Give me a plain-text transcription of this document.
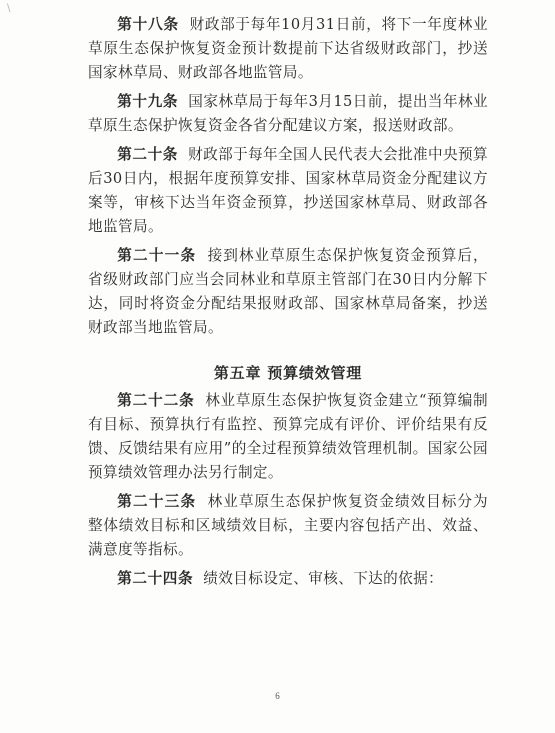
\

第十八条 财政部于每年10月31日前，将下一年度林业草原生态保护恢复资金预计数提前下达省级财政部门，抄送国家林草局、财政部各地监管局。

第十九条 国家林草局于每年3月15日前，提出当年林业草原生态保护恢复资金各省分配建议方案，报送财政部。

第二十条 财政部于每年全国人民代表大会批准中央预算后30日内，根据年度预算安排、国家林草局资金分配建议方案等，审核下达当年资金预算，抄送国家林草局、财政部各地监管局。

第二十一条 接到林业草原生态保护恢复资金预算后，省级财政部门应当会同林业和草原主管部门在30日内分解下达，同时将资金分配结果报财政部、国家林草局备案，抄送财政部当地监管局。

第五章 预算绩效管理

第二十二条 林业草原生态保护恢复资金建立“预算编制有目标、预算执行有监控、预算完成有评价、评价结果有反馈、反馈结果有应用”的全过程预算绩效管理机制。国家公园预算绩效管理办法另行制定。

第二十三条 林业草原生态保护恢复资金绩效目标分为整体绩效目标和区域绩效目标，主要内容包括产出、效益、满意度等指标。

第二十四条 绩效目标设定、审核、下达的依据：

6
